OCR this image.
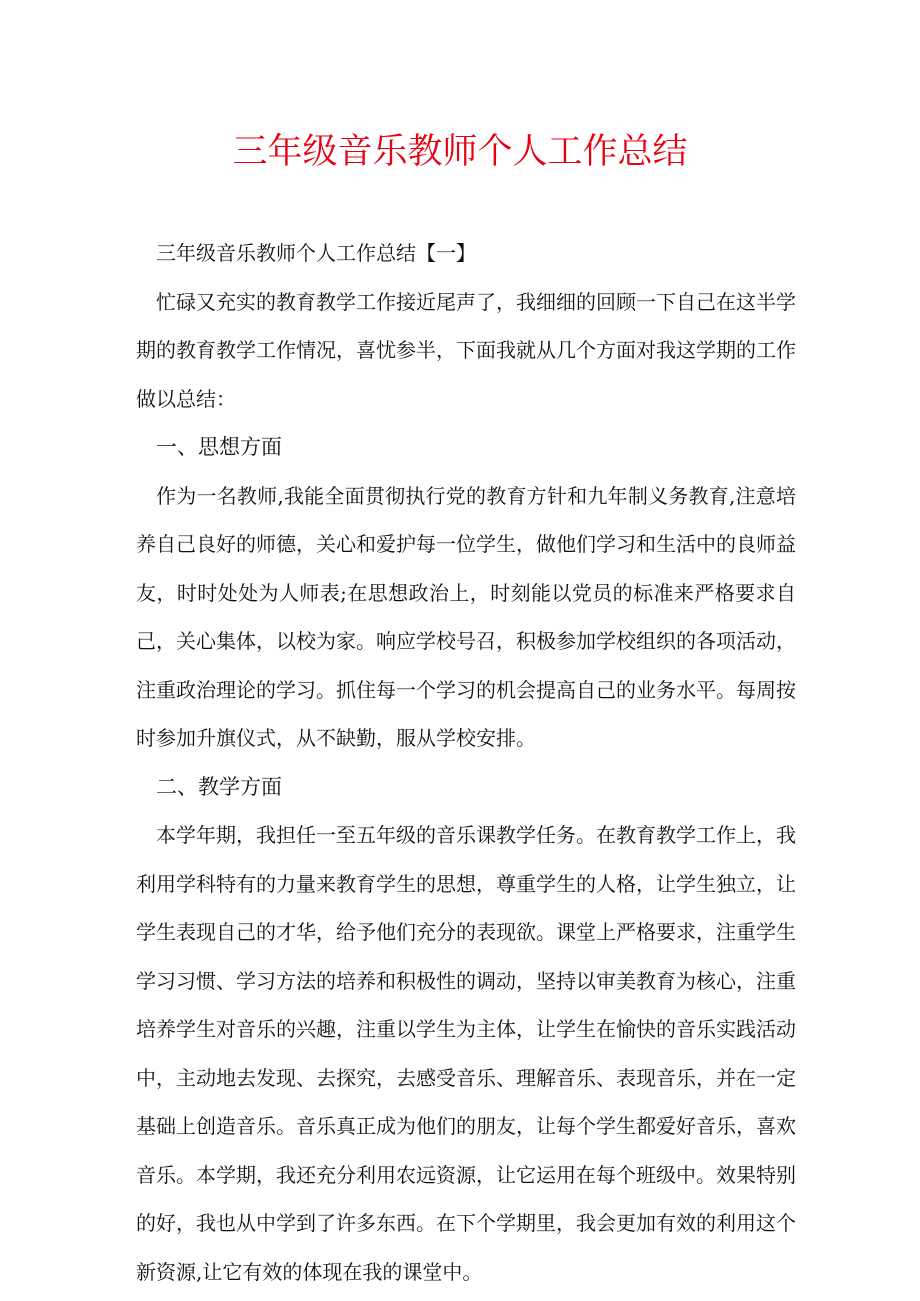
三年级音乐教师个人工作总结

三年级音乐教师个人工作总结【一】

忙碌又充实的教育教学工作接近尾声了，我细细的回顾一下自己在这半学期的教育教学工作情况，喜忧参半，下面我就从几个方面对我这学期的工作做以总结：

一、思想方面

作为一名教师,我能全面贯彻执行党的教育方针和九年制义务教育,注意培养自己良好的师德，关心和爱护每一位学生，做他们学习和生活中的良师益友，时时处处为人师表;在思想政治上，时刻能以党员的标准来严格要求自己，关心集体，以校为家。响应学校号召，积极参加学校组织的各项活动，注重政治理论的学习。抓住每一个学习的机会提高自己的业务水平。每周按时参加升旗仪式，从不缺勤，服从学校安排。

二、教学方面

本学年期，我担任一至五年级的音乐课教学任务。在教育教学工作上，我利用学科特有的力量来教育学生的思想，尊重学生的人格，让学生独立，让学生表现自己的才华，给予他们充分的表现欲。课堂上严格要求，注重学生学习习惯、学习方法的培养和积极性的调动，坚持以审美教育为核心，注重培养学生对音乐的兴趣，注重以学生为主体，让学生在愉快的音乐实践活动中，主动地去发现、去探究，去感受音乐、理解音乐、表现音乐，并在一定基础上创造音乐。音乐真正成为他们的朋友，让每个学生都爱好音乐，喜欢音乐。本学期，我还充分利用农远资源，让它运用在每个班级中。效果特别的好，我也从中学到了许多东西。在下个学期里，我会更加有效的利用这个新资源,让它有效的体现在我的课堂中。
